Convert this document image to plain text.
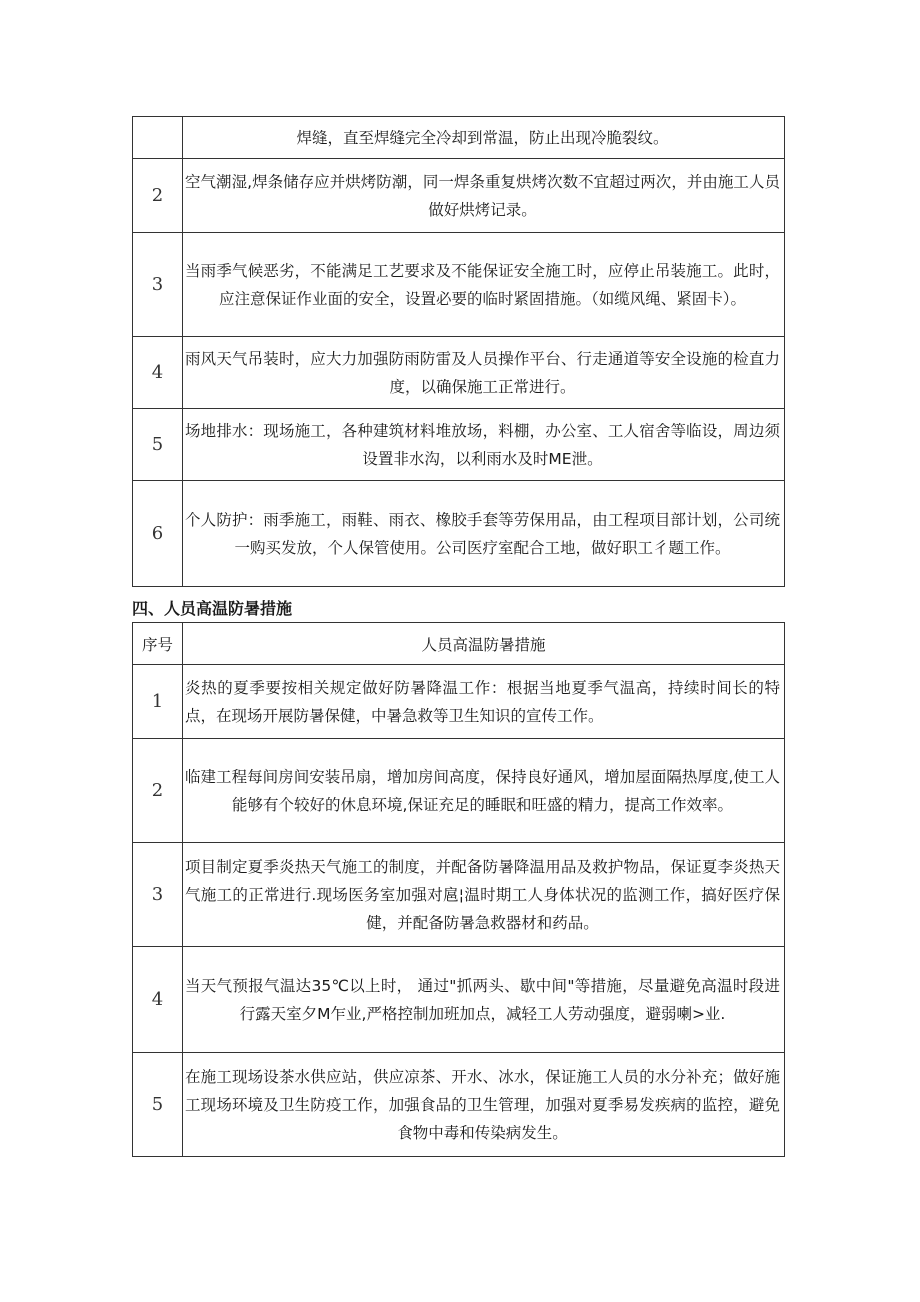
	焊缝，直至焊缝完全冷却到常温，防止出现冷脆裂纹。
2	空气潮湿,焊条储存应并烘烤防潮，同一焊条重复烘烤次数不宜超过两次，并由施工人员做好烘烤记录。
3	当雨季气候恶劣，不能满足工艺要求及不能保证安全施工时，应停止吊装施工。此时，应注意保证作业面的安全，设置必要的临时紧固措施。（如缆风绳、紧固卡）。
4	雨风天气吊装时，应大力加强防雨防雷及人员操作平台、行走通道等安全设施的检直力度，以确保施工正常进行。
5	场地排水：现场施工，各种建筑材料堆放场，料棚，办公室、工人宿舍等临设，周边须设置非水沟，以利雨水及时ME泄。
6	个人防护：雨季施工，雨鞋、雨衣、橡胶手套等劳保用品，由工程项目部计划，公司统一购买发放，个人保管使用。公司医疗室配合工地，做好职工彳题工作。
四、人员高温防暑措施
序号	人员高温防暑措施
1	炎热的夏季要按相关规定做好防暑降温工作：根据当地夏季气温高，持续时间长的特点，在现场开展防暑保健，中暑急救等卫生知识的宣传工作。
2	临建工程每间房间安装吊扇，增加房间高度，保持良好通风，增加屋面隔热厚度,使工人能够有个较好的休息环境,保证充足的睡眠和旺盛的精力，提高工作效率。
3	项目制定夏季炎热天气施工的制度，并配备防暑降温用品及救护物品，保证夏李炎热天气施工的正常进行.现场医务室加强对扈¦温时期工人身体状况的监测工作，搞好医疗保健，并配备防暑急救器材和药品。
4	当天气预报气温达35℃以上时， 通过"抓两头、歇中间"等措施，尽量避免高温时段进行露天室夕M乍业,严格控制加班加点，减轻工人劳动强度，避弱喇>业.
5	在施工现场设茶水供应站，供应凉茶、开水、冰水，保证施工人员的水分补充；做好施工现场环境及卫生防疫工作，加强食品的卫生管理，加强对夏季易发疾病的监控，避免食物中毒和传染病发生。
